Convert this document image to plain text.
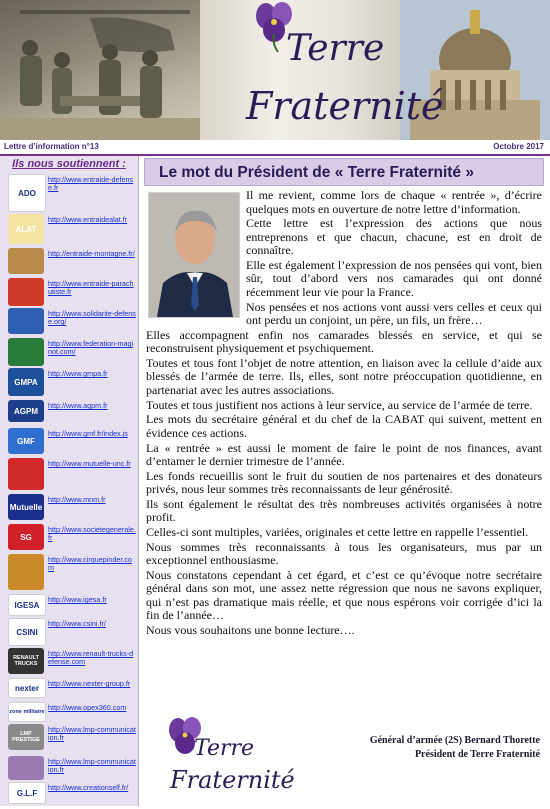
Terre
Fraternité
Lettre d’information n°13	Octobre 2017
Ils nous soutiennent :
ADO
http://www.entraide-defense.fr
ALAT
http://www.entraidealat.fr
http://entraide-montagne.fr/
http://www.entraide-parachutiste.fr
http://www.solidarite-defense.org/
http://www.federation-maginot.com/
GMPA
http://www.gmpa.fr
AGPM
http://www.agpm.fr
GMF
http://www.gmf.fr/index.js
http://www.mutuelle-unc.fr
Mutuelle
http://www.mnm.fr
SG
http://www.societegenerale.fr
http://www.cirquepinder.com
IGESA
http://www.igesa.fr
CSINI
http://www.csini.fr/
RENAULT TRUCKS
http://www.renault-trucks-defense.com
nexter http://www.nexter-group.fr
zone militaire http://www.opex360.com
LMP PRESTIGE
http://www.lmp-communication.fr
http://www.lmp-communication.fr
G.L.F
http://www.creationself.fr/
Le mot du Président de « Terre Fraternité »

Il me revient, comme lors de chaque « rentrée », d’écrire quelques mots en ouverture de notre lettre d’information.

Cette lettre est l’expression des actions que nous entreprenons et que chacun, chacune, est en droit de connaître.

Elle est également l’expression de nos pensées qui vont, bien sûr, tout d’abord vers nos camarades qui ont donné récemment leur vie pour la France.

Nos pensées et nos actions vont aussi vers celles et ceux qui ont perdu un conjoint, un père, un fils, un frère…

Elles accompagnent enfin nos camarades blessés en service, et qui se reconstruisent physiquement et psychiquement.

Toutes et tous font l’objet de notre attention, en liaison avec la cellule d’aide aux blessés de l’armée de terre. Ils, elles, sont notre préoccupation quotidienne, en partenariat avec les autres associations.

Toutes et tous justifient nos actions à leur service, au service de l’armée de terre.

Les mots du secrétaire général et du chef de la CABAT qui suivent, mettent en évidence ces actions.

La « rentrée » est aussi le moment de faire le point de nos finances, avant d’entamer le dernier trimestre de l’année.

Les fonds recueillis sont le fruit du soutien de nos partenaires et des donateurs privés, nous leur sommes très reconnaissants de leur générosité.

Ils sont également le résultat des très nombreuses activités organisées à notre profit.

Celles-ci sont multiples, variées, originales et cette lettre en rappelle l’essentiel.

Nous sommes très reconnaissants à tous les organisateurs, mus par un exceptionnel enthousiasme.

Nous constatons cependant à cet égard, et c’est ce qu’évoque notre secrétaire général dans son mot, une assez nette régression que nous ne savons expliquer, qui n’est pas dramatique mais réelle, et que nous espérons voir corrigée d’ici la fin de l’année…

Nous vous souhaitons une bonne lecture….

Terre
Fraternité
Général d’armée (2S) Bernard Thorette
Président de Terre Fraternité
